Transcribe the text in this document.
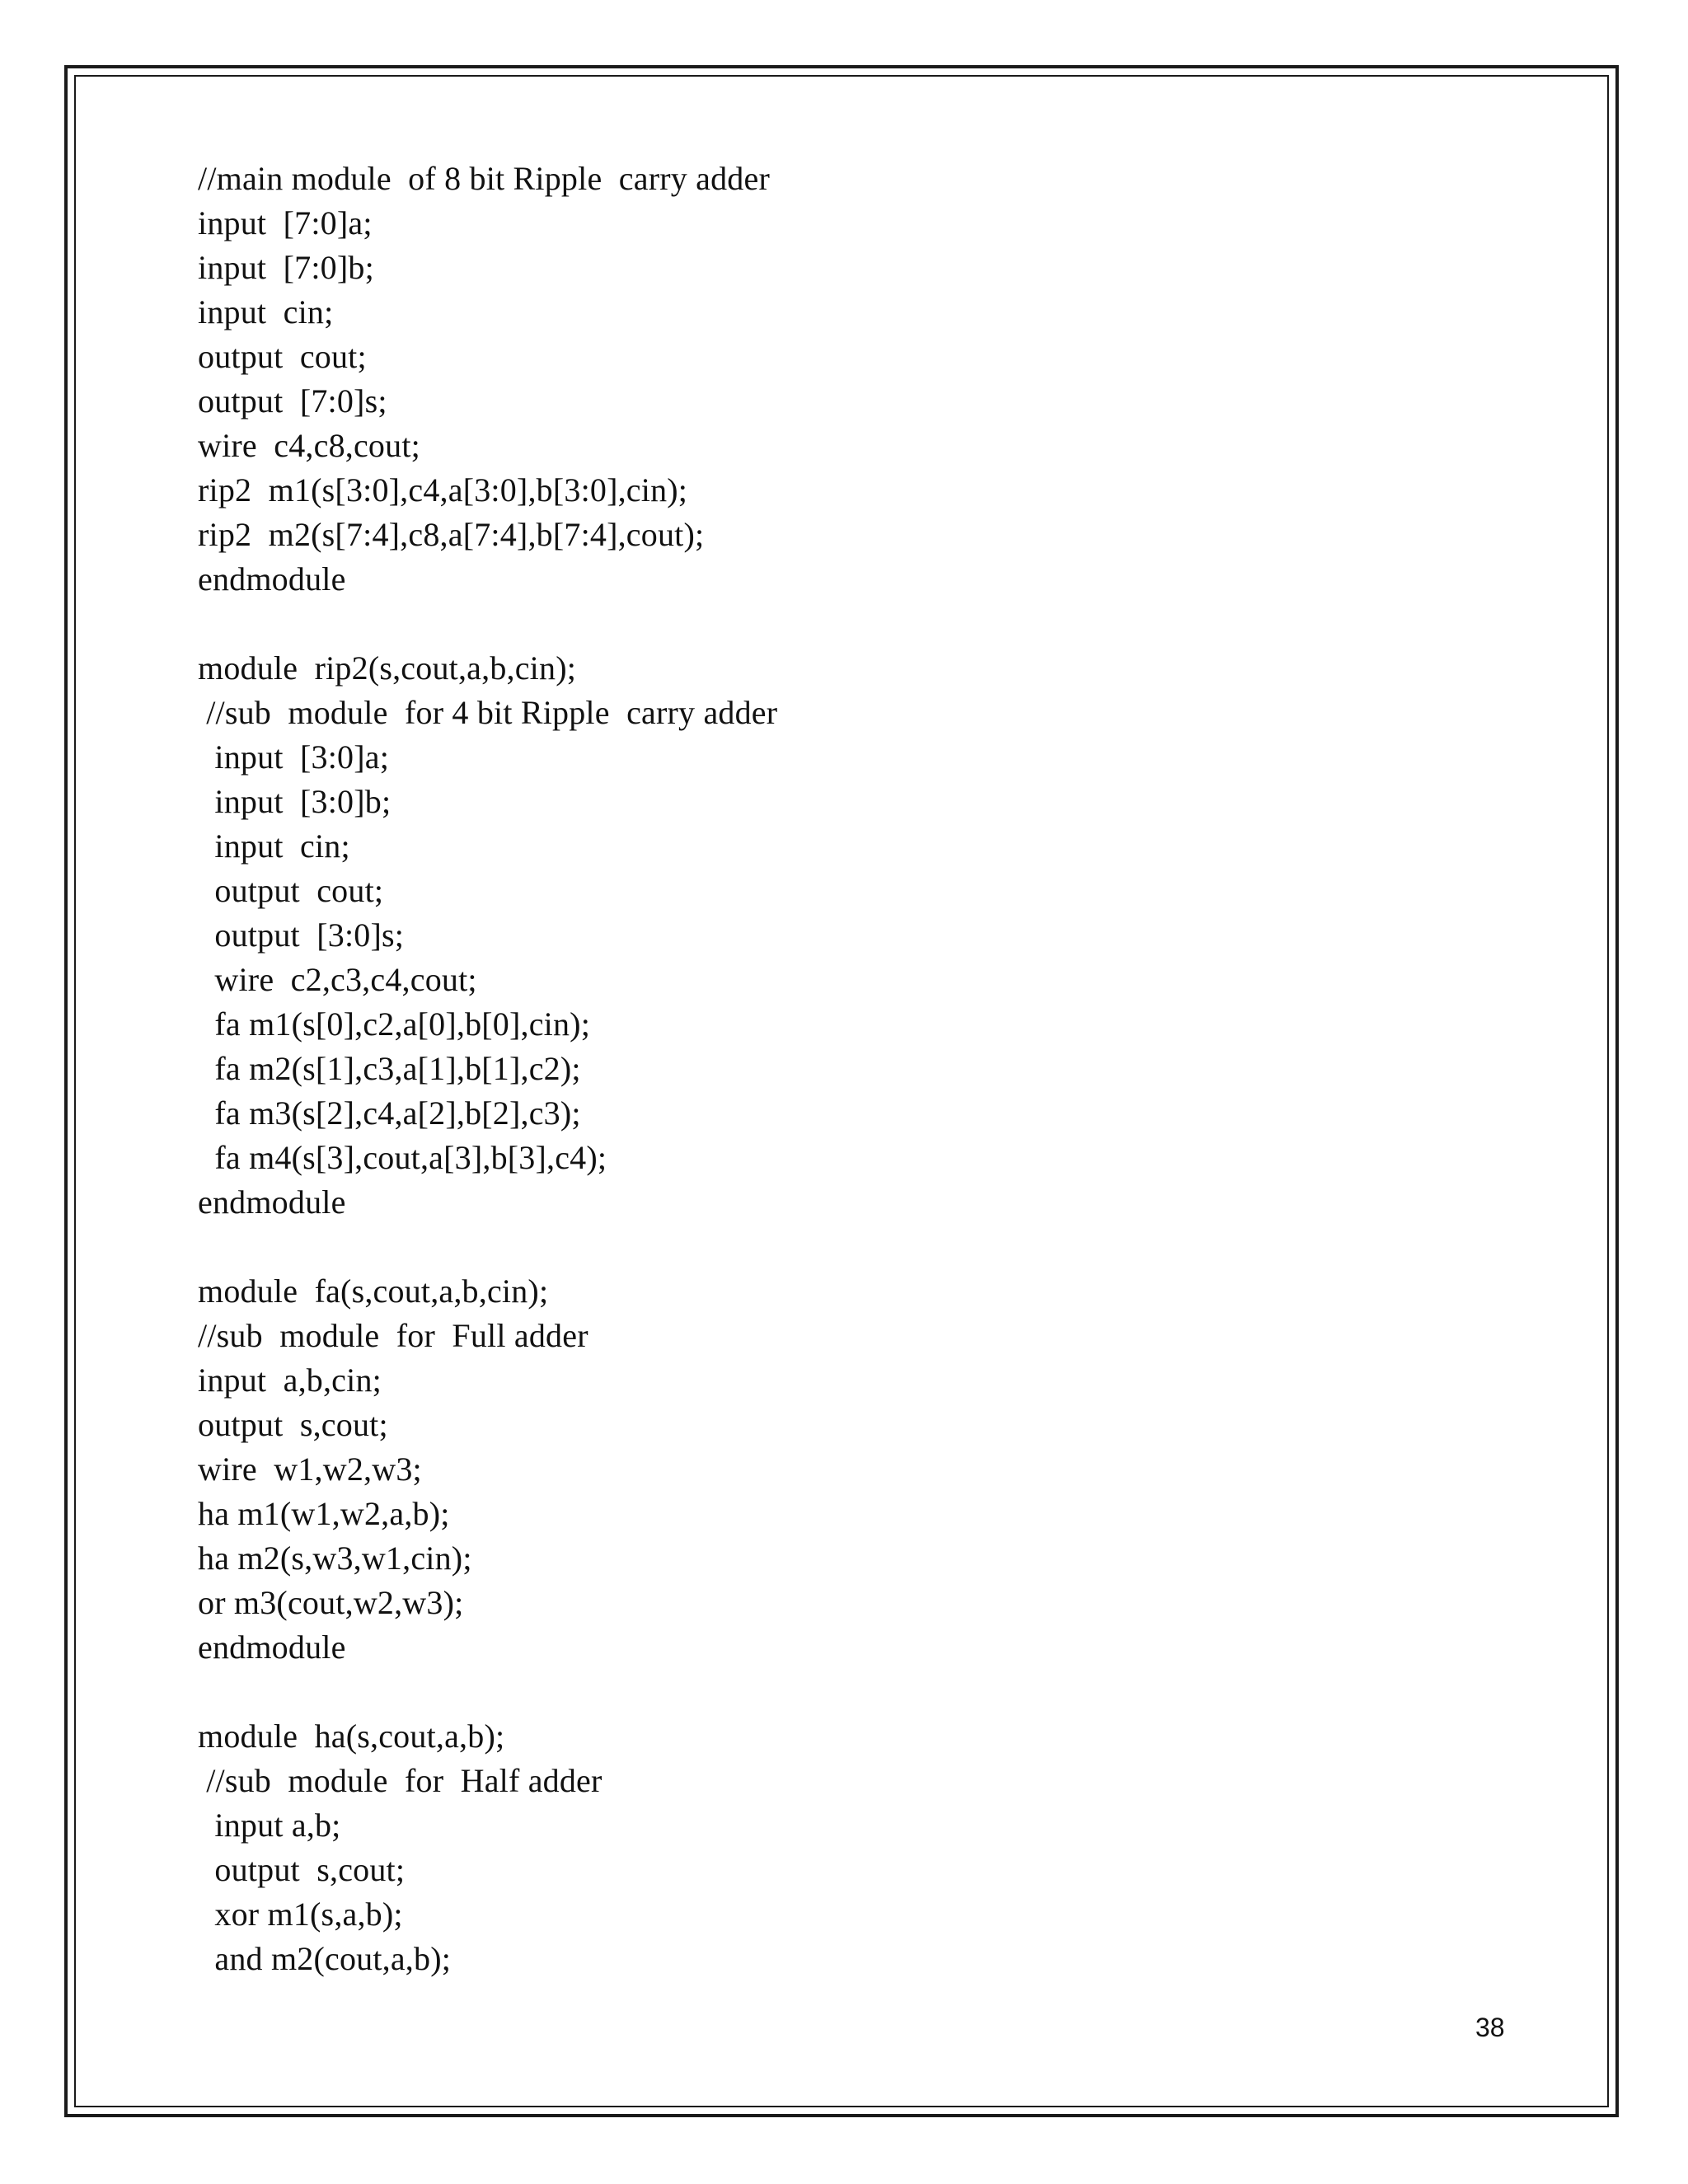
//main module  of 8 bit Ripple  carry adder
input  [7:0]a;
input  [7:0]b;
input  cin;
output  cout;
output  [7:0]s;
wire  c4,c8,cout;
rip2  m1(s[3:0],c4,a[3:0],b[3:0],cin);
rip2  m2(s[7:4],c8,a[7:4],b[7:4],cout);
endmodule
module  rip2(s,cout,a,b,cin);
//sub  module  for 4 bit Ripple  carry adder
input  [3:0]a;
input  [3:0]b;
input  cin;
output  cout;
output  [3:0]s;
wire  c2,c3,c4,cout;
fa m1(s[0],c2,a[0],b[0],cin);
fa m2(s[1],c3,a[1],b[1],c2);
fa m3(s[2],c4,a[2],b[2],c3);
fa m4(s[3],cout,a[3],b[3],c4);
endmodule
module  fa(s,cout,a,b,cin);
//sub  module  for  Full adder
input  a,b,cin;
output  s,cout;
wire  w1,w2,w3;
ha m1(w1,w2,a,b);
ha m2(s,w3,w1,cin);
or m3(cout,w2,w3);
endmodule
module  ha(s,cout,a,b);
//sub  module  for  Half adder
input a,b;
output  s,cout;
xor m1(s,a,b);
and m2(cout,a,b);
38
